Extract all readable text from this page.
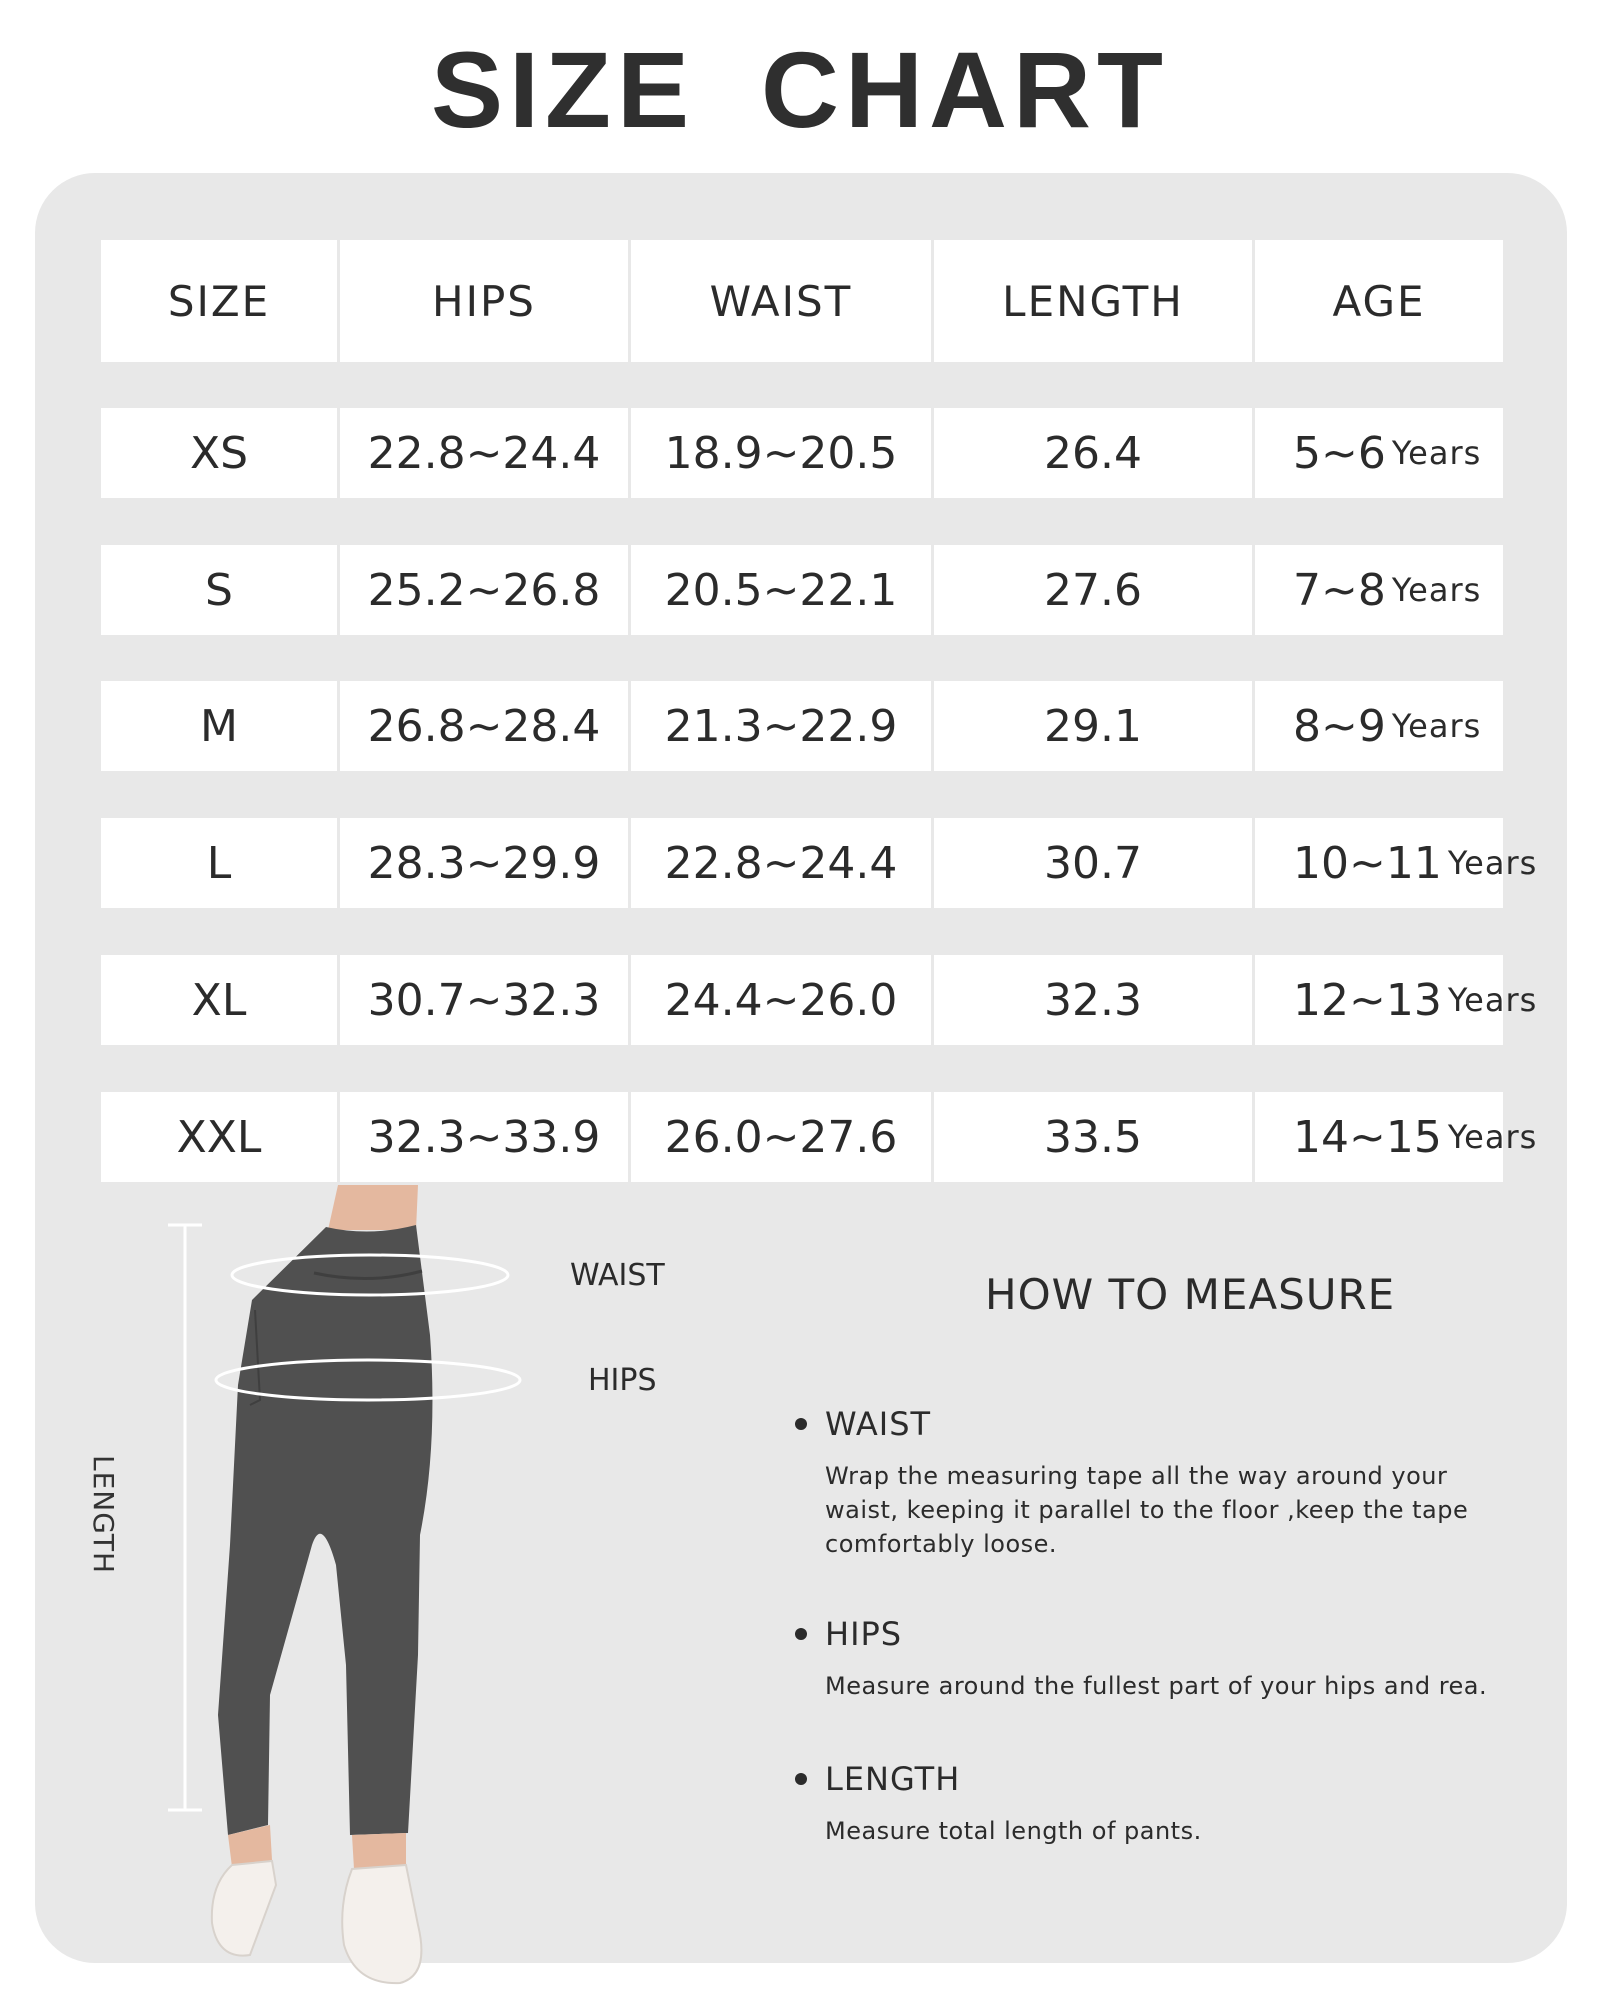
SIZE CHART
SIZE	HIPS	WAIST	LENGTH	AGE
XS	22.8~24.4	18.9~20.5	26.4	5~6 Years
S	25.2~26.8	20.5~22.1	27.6	7~8 Years
M	26.8~28.4	21.3~22.9	29.1	8~9 Years
L	28.3~29.9	22.8~24.4	30.7	10~11 Years
XL	30.7~32.3	24.4~26.0	32.3	12~13 Years
XXL	32.3~33.9	26.0~27.6	33.5	14~15 Years
WAIST
HIPS
LENGTH
HOW TO MEASURE
WAIST
Wrap the measuring tape all the way around your waist, keeping it parallel to the floor ,keep the tape comfortably loose.
HIPS
Measure around the fullest part of your hips and rea.
LENGTH
Measure total length of pants.
